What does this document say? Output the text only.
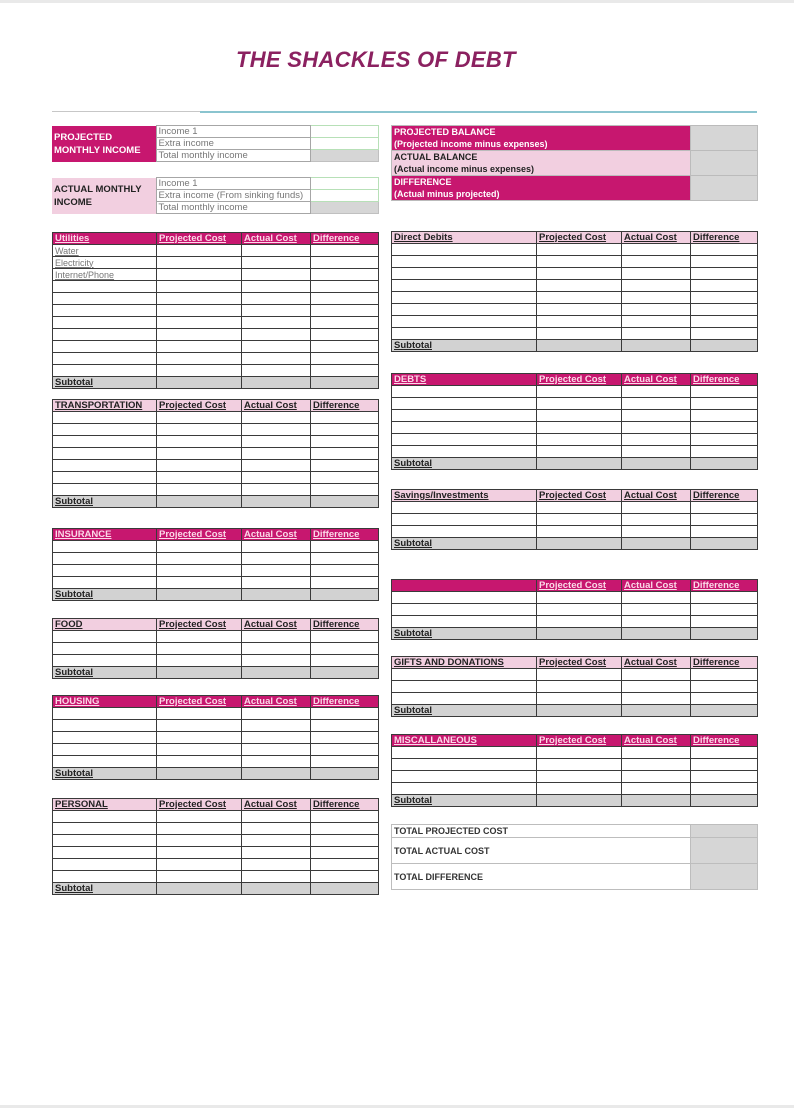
THE SHACKLES OF DEBT
PROJECTED MONTHLY INCOME	Income 1	
	Extra income	
	Total monthly income	
ACTUAL MONTHLY INCOME	Income 1	
	Extra income (From sinking funds)	
	Total monthly income	
PROJECTED BALANCE
(Projected income minus expenses)	
ACTUAL BALANCE
(Actual income minus expenses)	
DIFFERENCE
(Actual minus projected)	
Utilities	Projected Cost	Actual Cost	Difference
Water			
Electricity			
Internet/Phone			

Subtotal			
TRANSPORTATION	Projected Cost	Actual Cost	Difference

Subtotal			
INSURANCE	Projected Cost	Actual Cost	Difference

Subtotal			
FOOD	Projected Cost	Actual Cost	Difference

Subtotal			
HOUSING	Projected Cost	Actual Cost	Difference

Subtotal			
PERSONAL	Projected Cost	Actual Cost	Difference

Subtotal			
Direct Debits	Projected Cost	Actual Cost	Difference

Subtotal			
DEBTS	Projected Cost	Actual Cost	Difference

Subtotal			
Savings/Investments	Projected Cost	Actual Cost	Difference

Subtotal			
	Projected Cost	Actual Cost	Difference

Subtotal			
GIFTS AND DONATIONS	Projected Cost	Actual Cost	Difference

Subtotal			
MISCALLANEOUS	Projected Cost	Actual Cost	Difference

Subtotal			
TOTAL PROJECTED COST	
TOTAL ACTUAL COST	
TOTAL DIFFERENCE	
